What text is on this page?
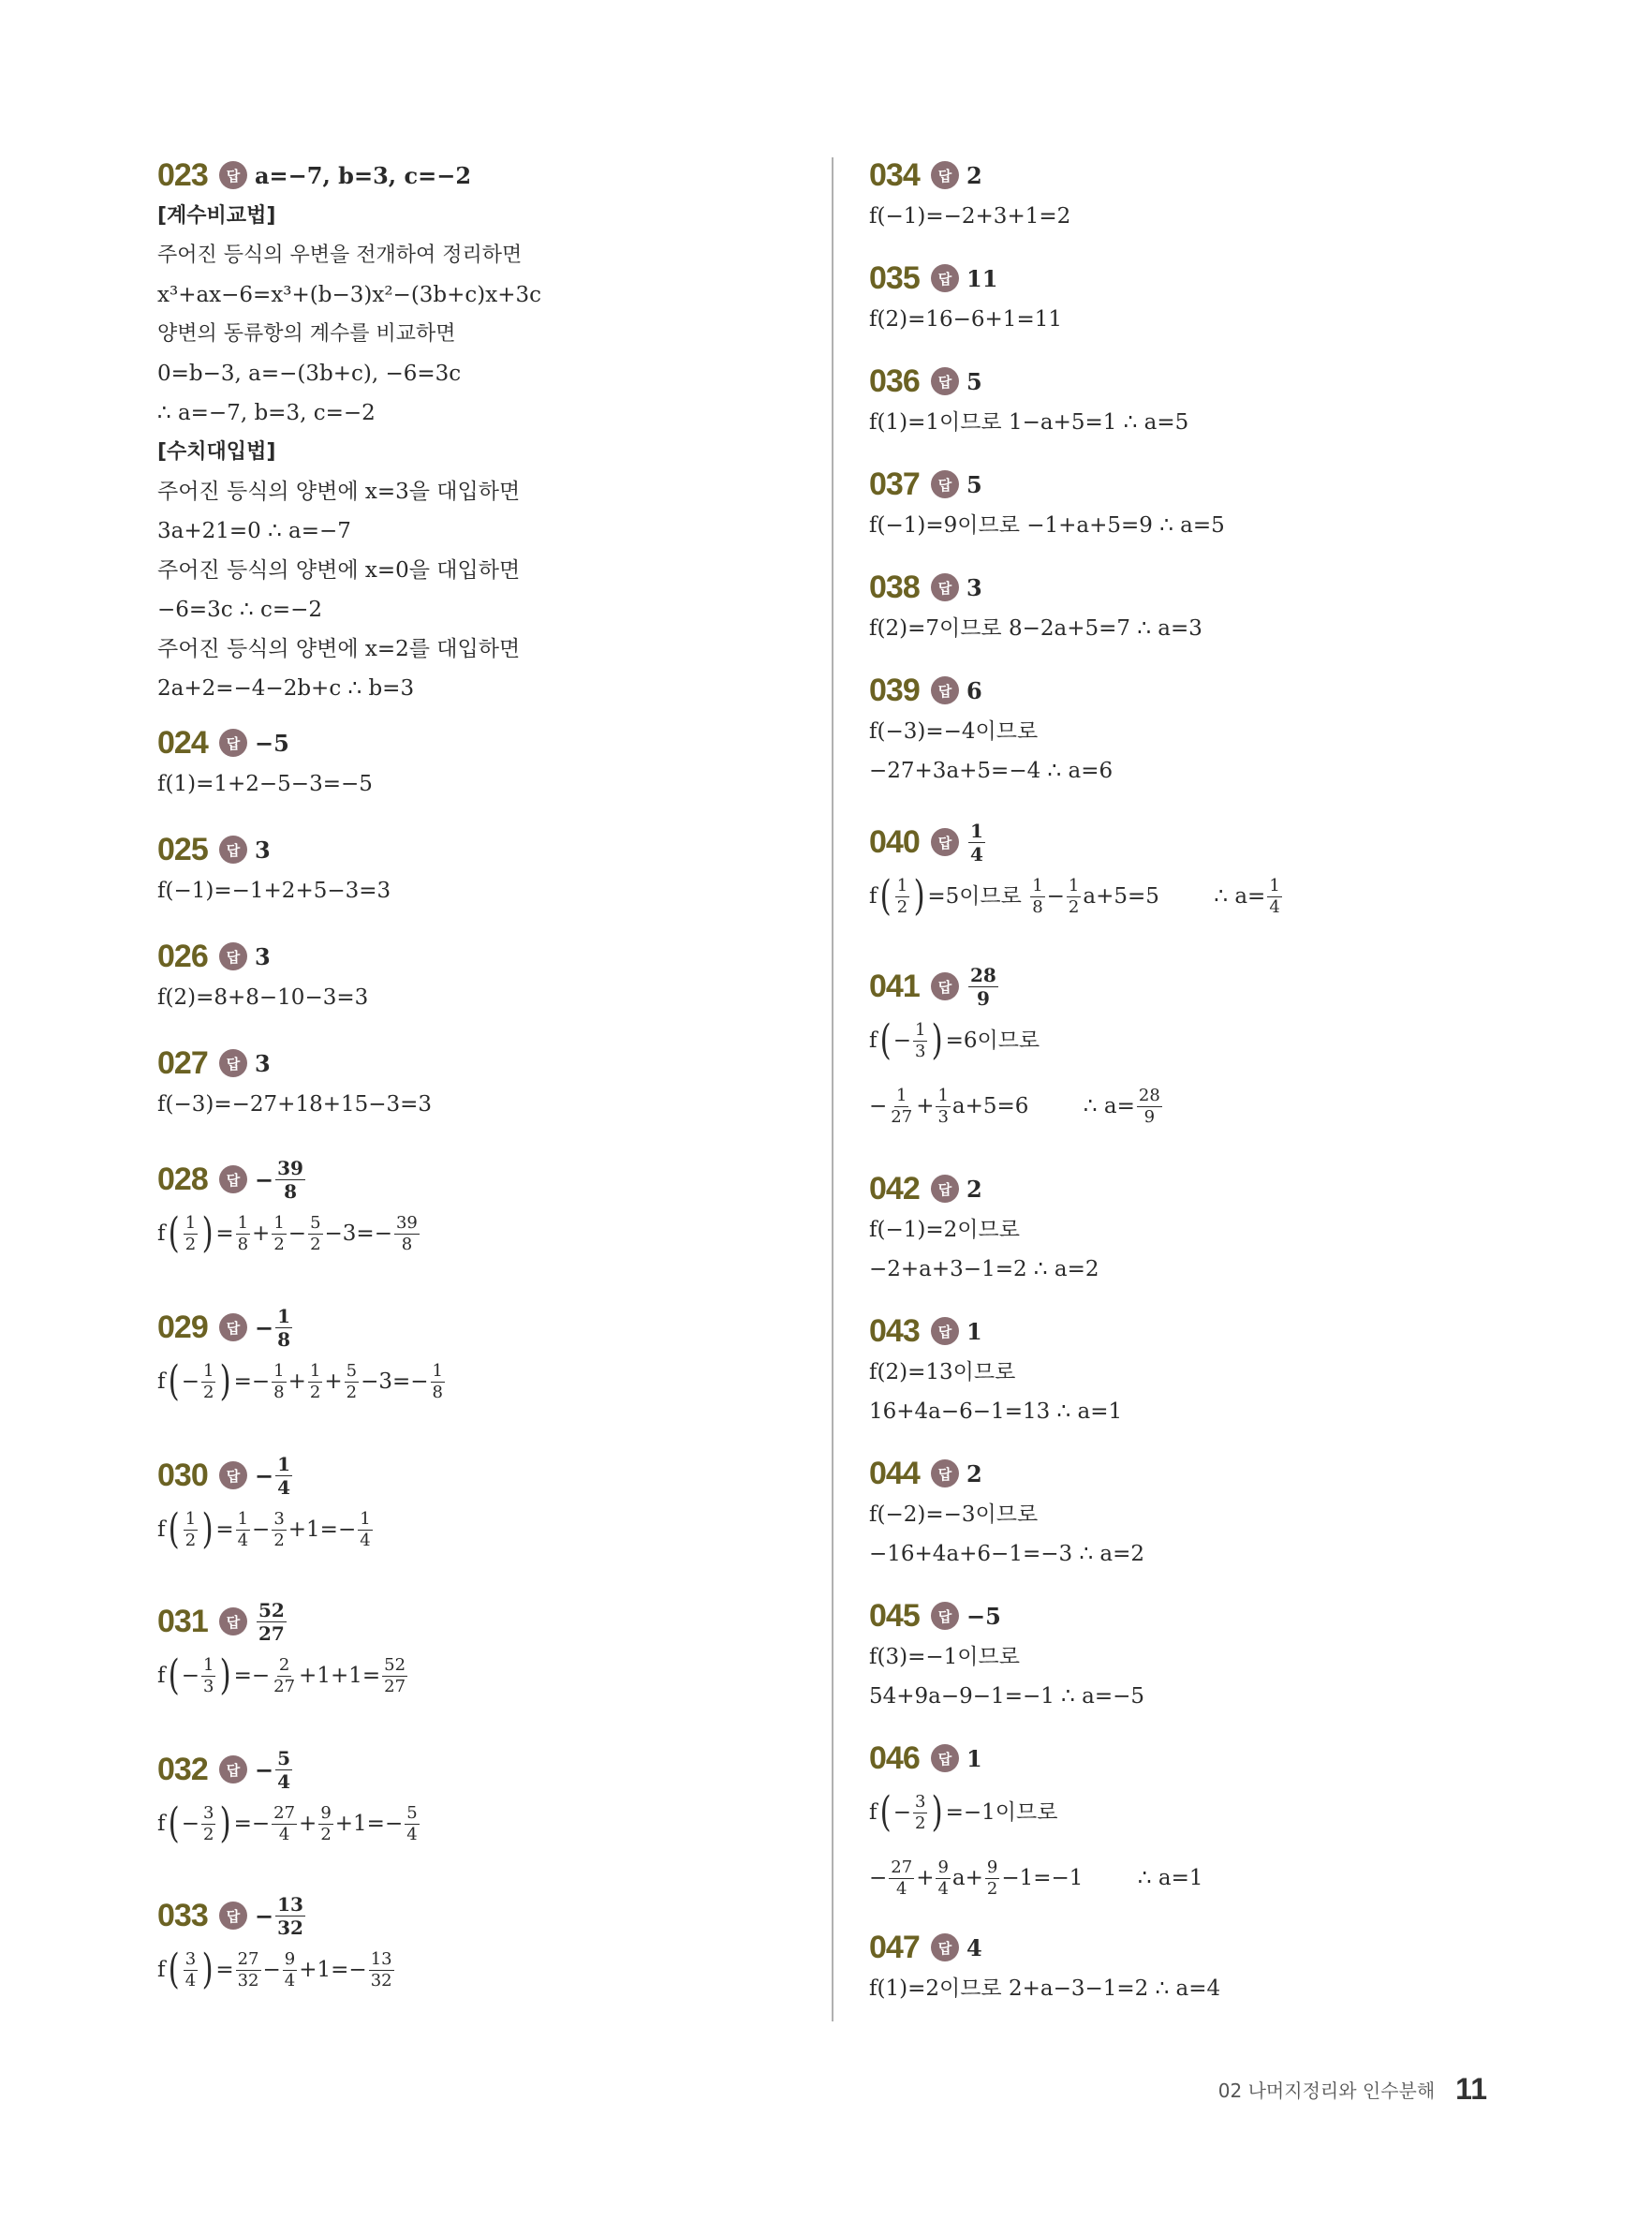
023	답 a=−7, b=3, c=−2
[계수비교법]
주어진 등식의 우변을 전개하여 정리하면
x³+ax−6=x³+(b−3)x²−(3b+c)x+3c
양변의 동류항의 계수를 비교하면
0=b−3, a=−(3b+c), −6=3c
∴ a=−7, b=3, c=−2
[수치대입법]
주어진 등식의 양변에 x=3을 대입하면
3a+21=0 ∴ a=−7
주어진 등식의 양변에 x=0을 대입하면
−6=3c ∴ c=−2
주어진 등식의 양변에 x=2를 대입하면
2a+2=−4−2b+c ∴ b=3
024	답 −5
f(1)=1+2−5−3=−5
025	답 3
f(−1)=−1+2+5−3=3
026	답 3
f(2)=8+8−10−3=3
027	답 3
f(−3)=−27+18+15−3=3
028	답 − $\frac{39}{8}$
f ( $\frac{1}{2}$ ) = $\frac{1}{8} + \frac{1}{2} - \frac{5}{2} -3=- \frac{39}{8}$
029	답 − $\frac{1}{8}$
f ( − $\frac{1}{2}$ ) =− $\frac{1}{8} + \frac{1}{2} + \frac{5}{2} -3=- \frac{1}{8}$
030	답 − $\frac{1}{4}$
f ( $\frac{1}{2}$ ) = $\frac{1}{4} - \frac{3}{2} +1=- \frac{1}{4}$
031	답 $\frac{52}{27}$
f ( − $\frac{1}{3}$ ) =− $\frac{2}{27} +1+1= \frac{52}{27}$
032	답 − $\frac{5}{4}$
f ( − $\frac{3}{2}$ ) =− $\frac{27}{4} + \frac{9}{2} +1=- \frac{5}{4}$
033	답 − $\frac{13}{32}$
f ( $\frac{3}{4}$ ) = $\frac{27}{32} - \frac{9}{4} +1=- \frac{13}{32}$
034	답 2
f(−1)=−2+3+1=2
035	답 11
f(2)=16−6+1=11
036	답 5
f(1)=1이므로 1−a+5=1 ∴ a=5
037	답 5
f(−1)=9이므로 −1+a+5=9 ∴ a=5
038	답 3
f(2)=7이므로 8−2a+5=7 ∴ a=3
039	답 6
f(−3)=−4이므로
−27+3a+5=−4 ∴ a=6
040	답 $\frac{1}{4}$
f ( $\frac{1}{2}$ ) =5이므로 $\frac{1}{8} - \frac{1}{2} a+5=5$        ∴ $a= \frac{1}{4}$
041	답 $\frac{28}{9}$
f ( − $\frac{1}{3}$ ) =6이므로
− $\frac{1}{27} + \frac{1}{3} a+5=6$        ∴ $a= \frac{28}{9}$
042	답 2
f(−1)=2이므로
−2+a+3−1=2 ∴ a=2
043	답 1
f(2)=13이므로
16+4a−6−1=13 ∴ a=1
044	답 2
f(−2)=−3이므로
−16+4a+6−1=−3 ∴ a=2
045	답 −5
f(3)=−1이므로
54+9a−9−1=−1 ∴ a=−5
046	답 1
f ( − $\frac{3}{2}$ ) =−1이므로
− $\frac{27}{4} + \frac{9}{4} a+ \frac{9}{2} -1=-1$        ∴ a=1
047	답 4
f(1)=2이므로 2+a−3−1=2 ∴ a=4
02 나머지정리와 인수분해 11
